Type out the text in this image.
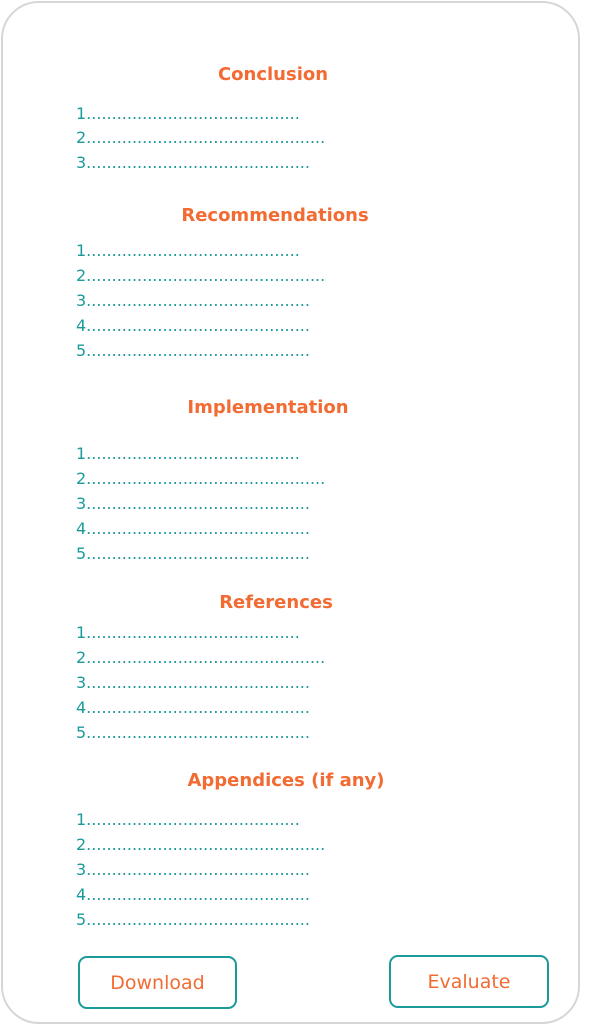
Conclusion
1..........................................
2...............................................
3............................................
Recommendations
1..........................................
2...............................................
3............................................
4............................................
5............................................
Implementation
1..........................................
2...............................................
3............................................
4............................................
5............................................
References
1..........................................
2...............................................
3............................................
4............................................
5............................................
Appendices (if any)
1..........................................
2...............................................
3............................................
4............................................
5............................................
Download	Evaluate
